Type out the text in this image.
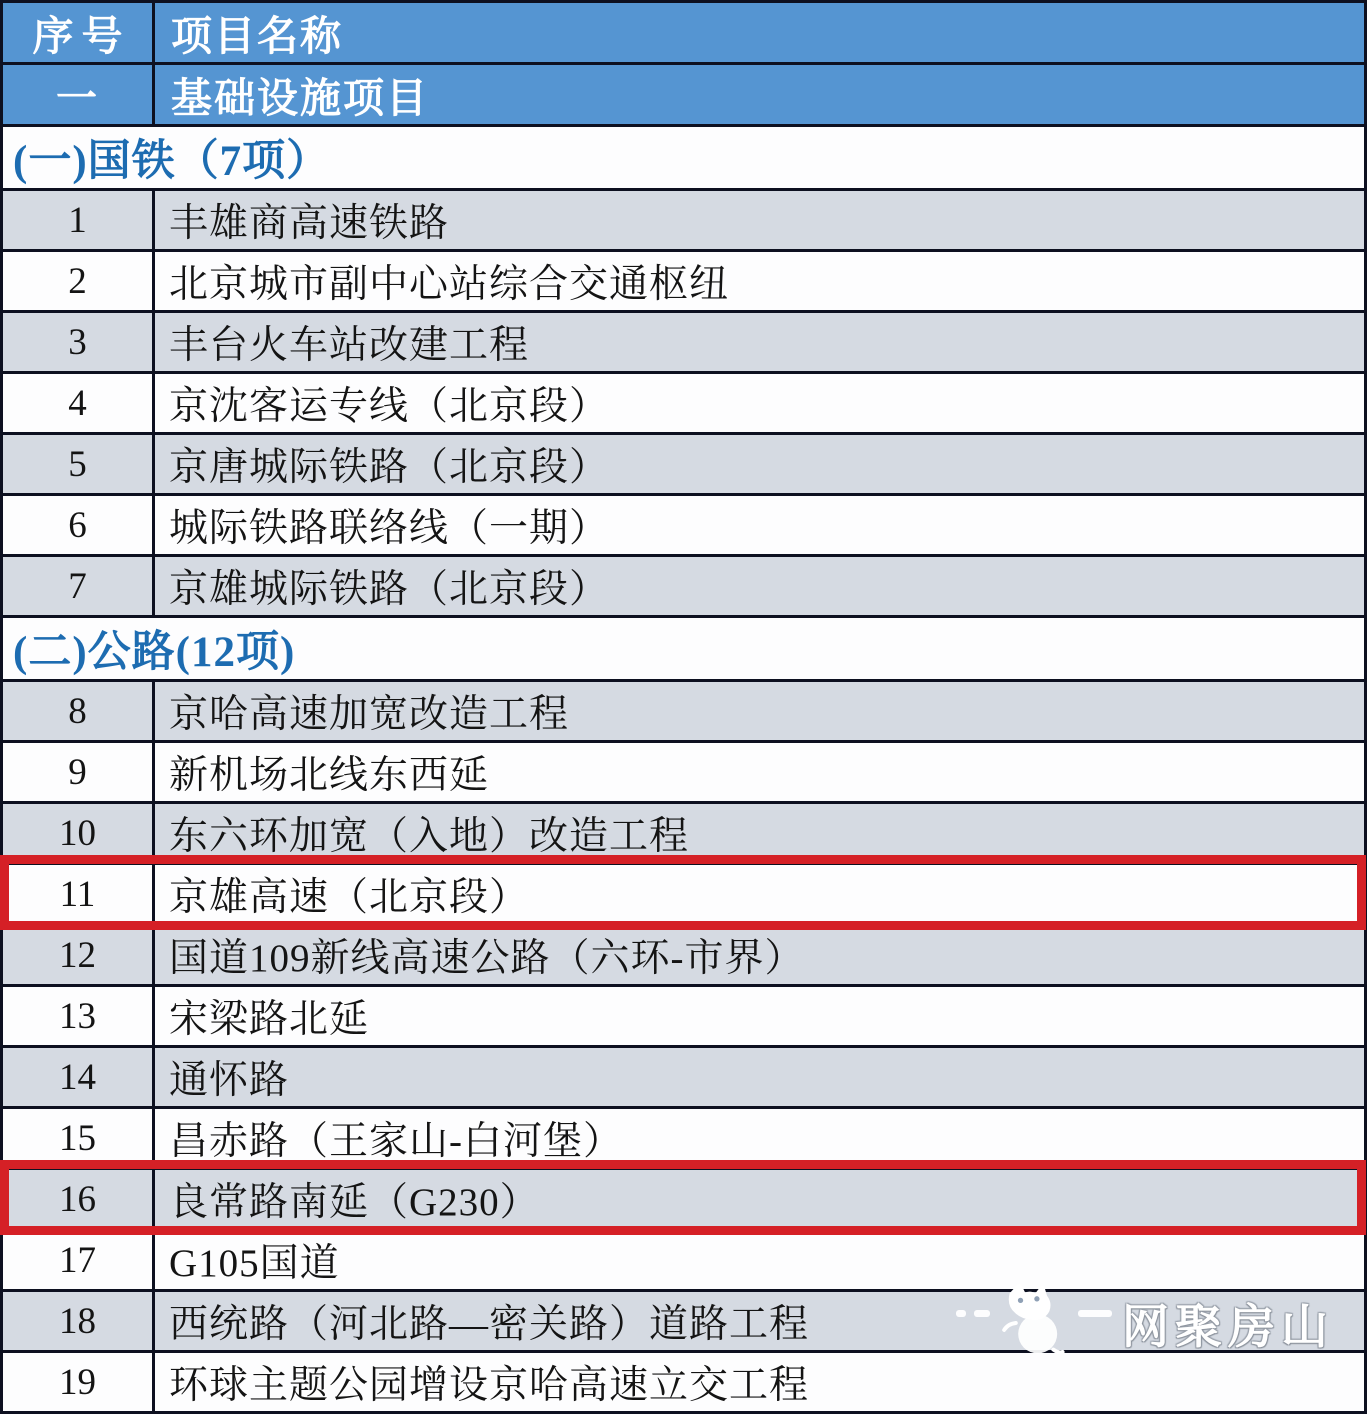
序号	项目名称
一	基础设施项目
(一)国铁（7项）	
1	丰雄商高速铁路
2	北京城市副中心站综合交通枢纽
3	丰台火车站改建工程
4	京沈客运专线（北京段）
5	京唐城际铁路（北京段）
6	城际铁路联络线（一期）
7	京雄城际铁路（北京段）
(二)公路(12项)	
8	京哈高速加宽改造工程
9	新机场北线东西延
10	东六环加宽（入地）改造工程
11	京雄高速（北京段）
12	国道109新线高速公路（六环-市界）
13	宋梁路北延
14	通怀路
15	昌赤路（王家山-白河堡）
16	良常路南延（G230）
17	G105国道
18	西统路（河北路—密关路）道路工程
19	环球主题公园增设京哈高速立交工程
网聚房山
